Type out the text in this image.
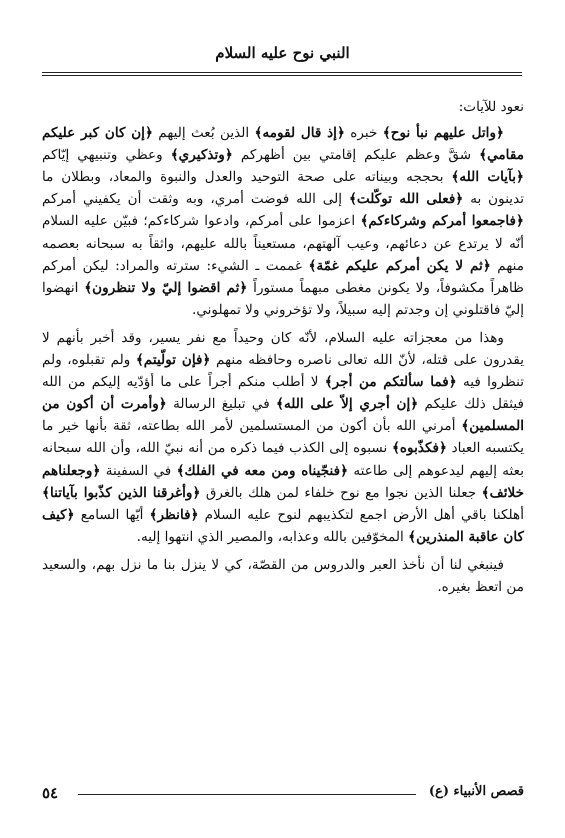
النبي نوح عليه السلام

نعود للآيات:

﴿واتل عليهم نبأ نوح﴾ خبره ﴿إذ قال لقومه﴾ الذين بُعث إليهم ﴿إن كان كبر عليكم مقامي﴾ شقَّ وعظم عليكم إقامتي بين أظهركم ﴿وتذكيري﴾ وعظي وتنبيهي إيّاكم ﴿بآيات الله﴾ بحججه وبيناته على صحة التوحيد والعدل والنبوة والمعاد، وبطلان ما تدينون به ﴿فعلى الله توكّلت﴾ إلى الله فوضت أمري، وبه وثقت أن يكفيني أمركم ﴿فاجمعوا أمركم وشركاءكم﴾ اعزموا على أمركم، وادعوا شركاءكم؛ فبيّن عليه السلام أنّه لا يرتدع عن دعائهم، وعيب آلهتهم، مستعيناً بالله عليهم، واثقاً به سبحانه بعصمه منهم ﴿ثم لا يكن أمركم عليكم غمّة﴾ غممت ـ الشيء: سترته والمراد: ليكن أمركم ظاهراً مكشوفاً، ولا يكونن مغطى مبهماً مستوراً ﴿ثم اقضوا إليّ ولا تنظرون﴾ انهضوا إليّ فاقتلوني إن وجدتم إليه سبيلاً، ولا تؤخروني ولا تمهلوني.

وهذا من معجزاته عليه السلام، لأنّه كان وحيداً مع نفر يسير، وقد أخبر بأنهم لا يقدرون على قتله، لأنّ الله تعالى ناصره وحافظه منهم ﴿فإن تولّيتم﴾ ولم تقبلوه، ولم تنظروا فيه ﴿فما سألتكم من أجر﴾ لا أطلب منكم أجراً على ما أؤدّيه إليكم من الله فيثقل ذلك عليكم ﴿إن أجري إلاّ على الله﴾ في تبليغ الرسالة ﴿وأمرت أن أكون من المسلمين﴾ أمرني الله بأن أكون من المستسلمين لأمر الله بطاعته، ثقة بأنها خير ما يكتسبه العباد ﴿فكذّبوه﴾ نسبوه إلى الكذب فيما ذكره من أنه نبيّ الله، وأن الله سبحانه بعثه إليهم ليدعوهم إلى طاعته ﴿فنجّيناه ومن معه في الفلك﴾ في السفينة ﴿وجعلناهم خلائف﴾ جعلنا الذين نجوا مع نوح خلفاء لمن هلك بالغرق ﴿وأغرقنا الذين كذّبوا بآياتنا﴾ أهلكنا باقي أهل الأرض اجمع لتكذيبهم لنوح عليه السلام ﴿فانظر﴾ أيّها السامع ﴿كيف كان عاقبة المنذرين﴾ المخوّفين بالله وعذابه، والمصير الذي انتهوا إليه.

فينبغي لنا أن نأخذ العبر والدروس من القصّة، كي لا ينزل بنا ما نزل بهم، والسعيد من اتعظ بغيره.

قصص الأنبياء (ع)
٥٤
